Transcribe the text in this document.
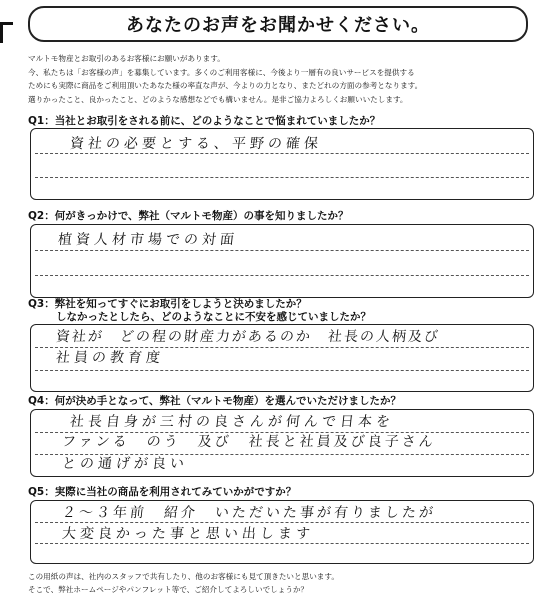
あなたのお声をお聞かせください。
マルトモ物産とお取引のあるお客様にお願いがあります。
今、私たちは「お客様の声」を募集しています。多くのご利用客様に、今後より一層有の良いサービスを提供する
ためにも実際に商品をご利用頂いたあなた様の率直な声が、今よりの力となり、またどれの方面の参考となります。
選りかったこと、良かったこと、どのような感想などでも構いません。是非ご協力よろしくお願いいたします。
Q1：当社とお取引をされる前に、どのようなことで悩まれていましたか？
資社の必要とする、平野の確保
Q2：何がきっかけで、弊社（マルトモ物産）の事を知りましたか？
植資人材市場での対面
Q3：弊社を知ってすぐにお取引をしようと決めましたか？
しなかったとしたら、どのようなことに不安を感じていましたか？
資社が　どの程の財産力があるのか　社長の人柄及び
社員の教育度
Q4：何が決め手となって、弊社（マルトモ物産）を選んでいただけましたか？
社長自身が三村の良さんが何んで日本を
ファンる　のう　及び　社長と社員及び良子さん
との通げが良い
Q5：実際に当社の商品を利用されてみていかがですか？
２～３年前　紹介　いただいた事が有りましたが
大変良かった事と思い出します
この用紙の声は、社内のスタッフで共有したり、他のお客様にも見て頂きたいと思います。
そこで、弊社ホームページやパンフレット等で、ご紹介してよろしいでしょうか？
